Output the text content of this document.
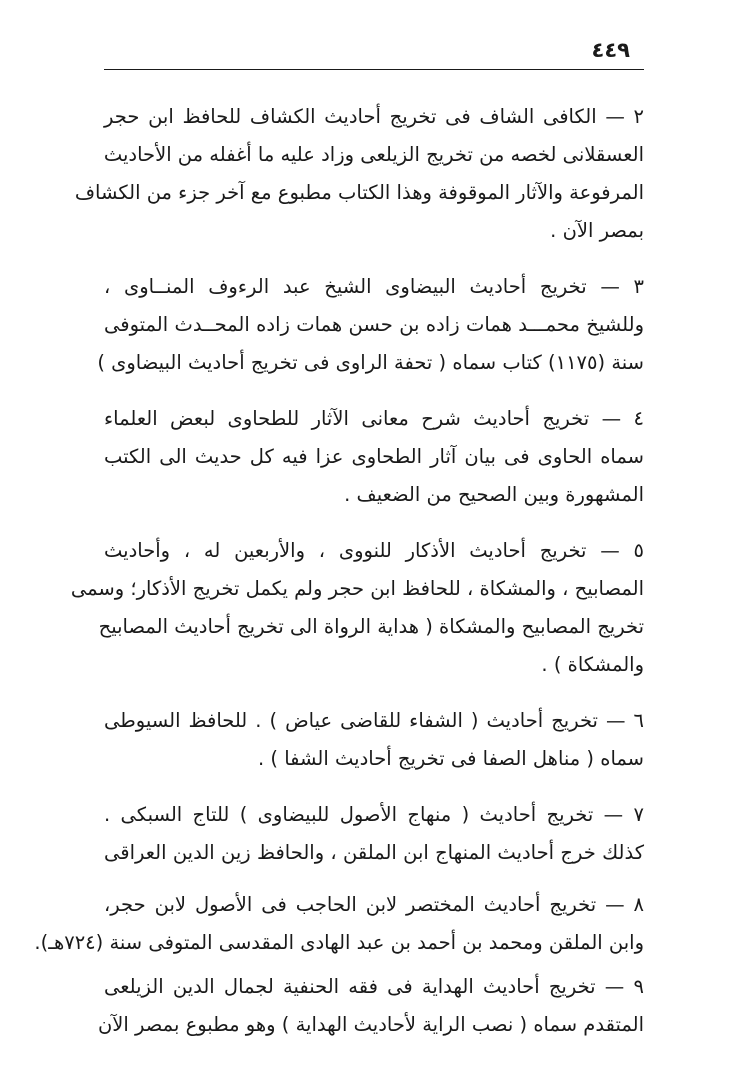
٤٤٩
٢ — الكافى الشاف فى تخريج أحاديث الكشاف للحافظ ابن حجر
العسقلانى لخصه من تخريج الزيلعى وزاد عليه ما أغفله من الأحاديث
المرفوعة والآثار الموقوفة وهذا الكتاب مطبوع مع آخر جزء من الكشاف
بمصر الآن .
٣ — تخريج أحاديث البيضاوى الشيخ عبد الرءوف المنــاوى ،
وللشيخ محمـــد همات زاده بن حسن همات زاده المحــدث المتوفى
سنة (١١٧٥) كتاب سماه ( تحفة الراوى فى تخريج أحاديث البيضاوى )
٤ — تخريج أحاديث شرح معانى الآثار للطحاوى لبعض العلماء
سماه الحاوى فى بيان آثار الطحاوى عزا فيه كل حديث الى الكتب
المشهورة وبين الصحيح من الضعيف .
٥ — تخريج أحاديث الأذكار للنووى ، والأربعين له ، وأحاديث
المصابيح ، والمشكاة ، للحافظ ابن حجر ولم يكمل تخريج الأذكار؛ وسمى
تخريج المصابيح والمشكاة ( هداية الرواة الى تخريج أحاديث المصابيح
والمشكاة ) .
٦ — تخريج أحاديث ( الشفاء للقاضى عياض ) . للحافظ السيوطى
سماه ( مناهل الصفا فى تخريج أحاديث الشفا ) .
٧ — تخريج أحاديث ( منهاج الأصول للبيضاوى ) للتاج السبكى .
كذلك خرج أحاديث المنهاج ابن الملقن ، والحافظ زين الدين العراقى
٨ — تخريج أحاديث المختصر لابن الحاجب فى الأصول لابن حجر،
وابن الملقن ومحمد بن أحمد بن عبد الهادى المقدسى المتوفى سنة (٧٢٤هـ).
٩ — تخريج أحاديث الهداية فى فقه الحنفية لجمال الدين الزيلعى
المتقدم سماه ( نصب الراية لأحاديث الهداية ) وهو مطبوع بمصر الآن
